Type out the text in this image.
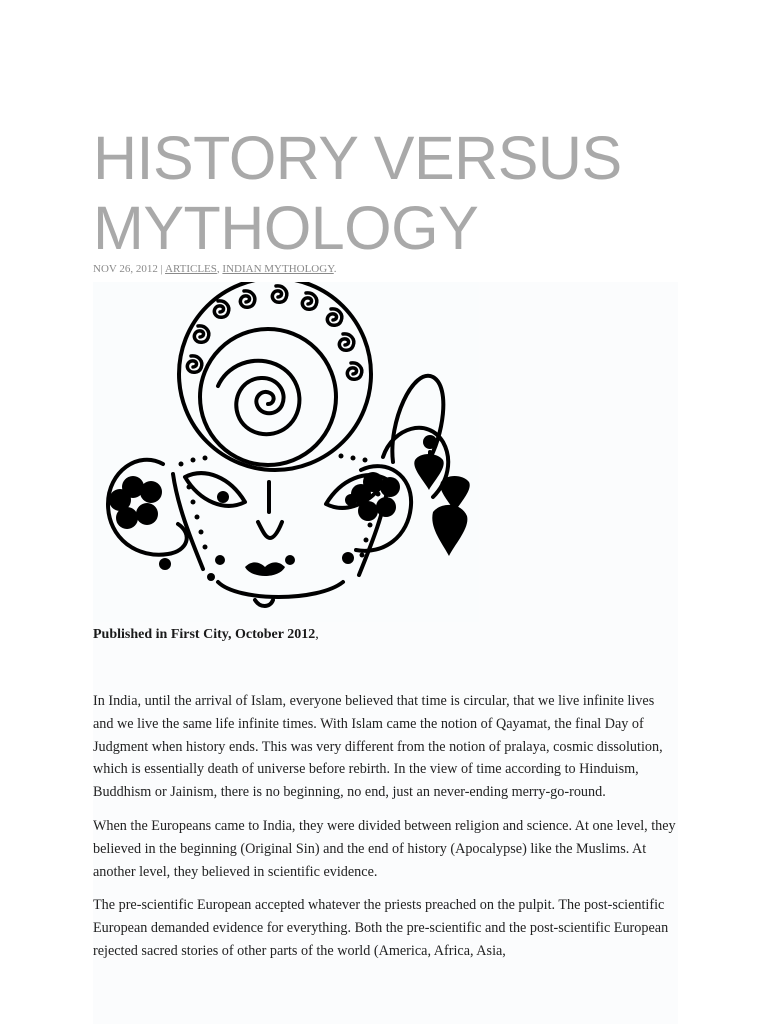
HISTORY VERSUS MYTHOLOGY
NOV 26, 2012 | ARTICLES, INDIAN MYTHOLOGY.
Published in First City, October 2012,

In India, until the arrival of Islam, everyone believed that time is circular, that we live infinite lives and we live the same life infinite times. With Islam came the notion of Qayamat, the final Day of Judgment when history ends. This was very different from the notion of pralaya, cosmic dissolution, which is essentially death of universe before rebirth. In the view of time according to Hinduism, Buddhism or Jainism, there is no beginning, no end, just an never-ending merry-go-round.

When the Europeans came to India, they were divided between religion and science. At one level, they believed in the beginning (Original Sin) and the end of history (Apocalypse) like the Muslims. At another level, they believed in scientific evidence.

The pre-scientific European accepted whatever the priests preached on the pulpit. The post-scientific European demanded evidence for everything. Both the pre-scientific and the post-scientific European rejected sacred stories of other parts of the world (America, Africa, Asia,
